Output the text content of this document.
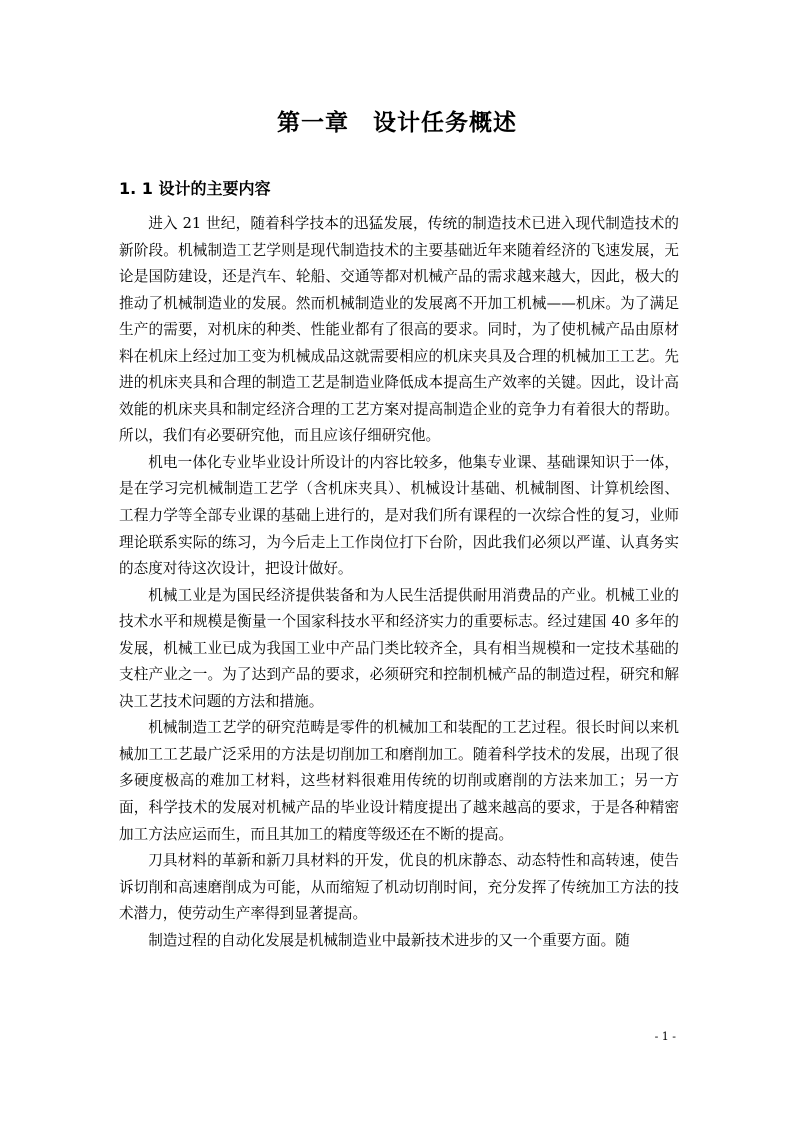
第一章　设计任务概述
1. 1 设计的主要内容

进入 21 世纪，随着科学技本的迅猛发展，传统的制造技术已进入现代制造技术的新阶段。机械制造工艺学则是现代制造技术的主要基础近年来随着经济的飞速发展，无论是国防建设，还是汽车、轮船、交通等都对机械产品的需求越来越大，因此，极大的推动了机械制造业的发展。然而机械制造业的发展离不开加工机械——机床。为了满足生产的需要，对机床的种类、性能业都有了很高的要求。同时，为了使机械产品由原材料在机床上经过加工变为机械成品这就需要相应的机床夹具及合理的机械加工工艺。先进的机床夹具和合理的制造工艺是制造业降低成本提高生产效率的关键。因此，设计高效能的机床夹具和制定经济合理的工艺方案对提高制造企业的竞争力有着很大的帮助。所以，我们有必要研究他，而且应该仔细研究他。

机电一体化专业毕业设计所设计的内容比较多，他集专业课、基础课知识于一体，是在学习完机械制造工艺学（含机床夹具）、机械设计基础、机械制图、计算机绘图、工程力学等全部专业课的基础上进行的，是对我们所有课程的一次综合性的复习，业师理论联系实际的练习，为今后走上工作岗位打下台阶，因此我们必须以严谨、认真务实的态度对待这次设计，把设计做好。

机械工业是为国民经济提供装备和为人民生活提供耐用消费品的产业。机械工业的技术水平和规模是衡量一个国家科技水平和经济实力的重要标志。经过建国 40 多年的发展，机械工业已成为我国工业中产品门类比较齐全，具有相当规模和一定技术基础的支柱产业之一。为了达到产品的要求，必须研究和控制机械产品的制造过程，研究和解决工艺技术问题的方法和措施。

机械制造工艺学的研究范畴是零件的机械加工和装配的工艺过程。很长时间以来机械加工工艺最广泛采用的方法是切削加工和磨削加工。随着科学技术的发展，出现了很多硬度极高的难加工材料，这些材料很难用传统的切削或磨削的方法来加工；另一方面，科学技术的发展对机械产品的毕业设计精度提出了越来越高的要求，于是各种精密加工方法应运而生，而且其加工的精度等级还在不断的提高。

刀具材料的革新和新刀具材料的开发，优良的机床静态、动态特性和高转速，使告诉切削和高速磨削成为可能，从而缩短了机动切削时间，充分发挥了传统加工方法的技术潜力，使劳动生产率得到显著提高。

制造过程的自动化发展是机械制造业中最新技术进步的又一个重要方面。随

- 1 -
